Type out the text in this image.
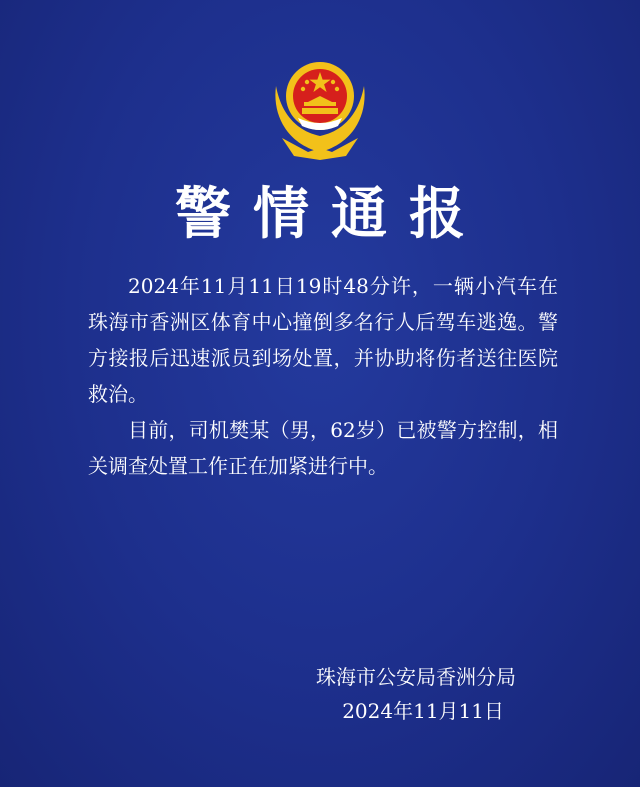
警情通报

2024年11月11日19时48分许，一辆小汽车在珠海市香洲区体育中心撞倒多名行人后驾车逃逸。警方接报后迅速派员到场处置，并协助将伤者送往医院救治。

目前，司机樊某（男，62岁）已被警方控制，相关调查处置工作正在加紧进行中。

珠海市公安局香洲分局
2024年11月11日
